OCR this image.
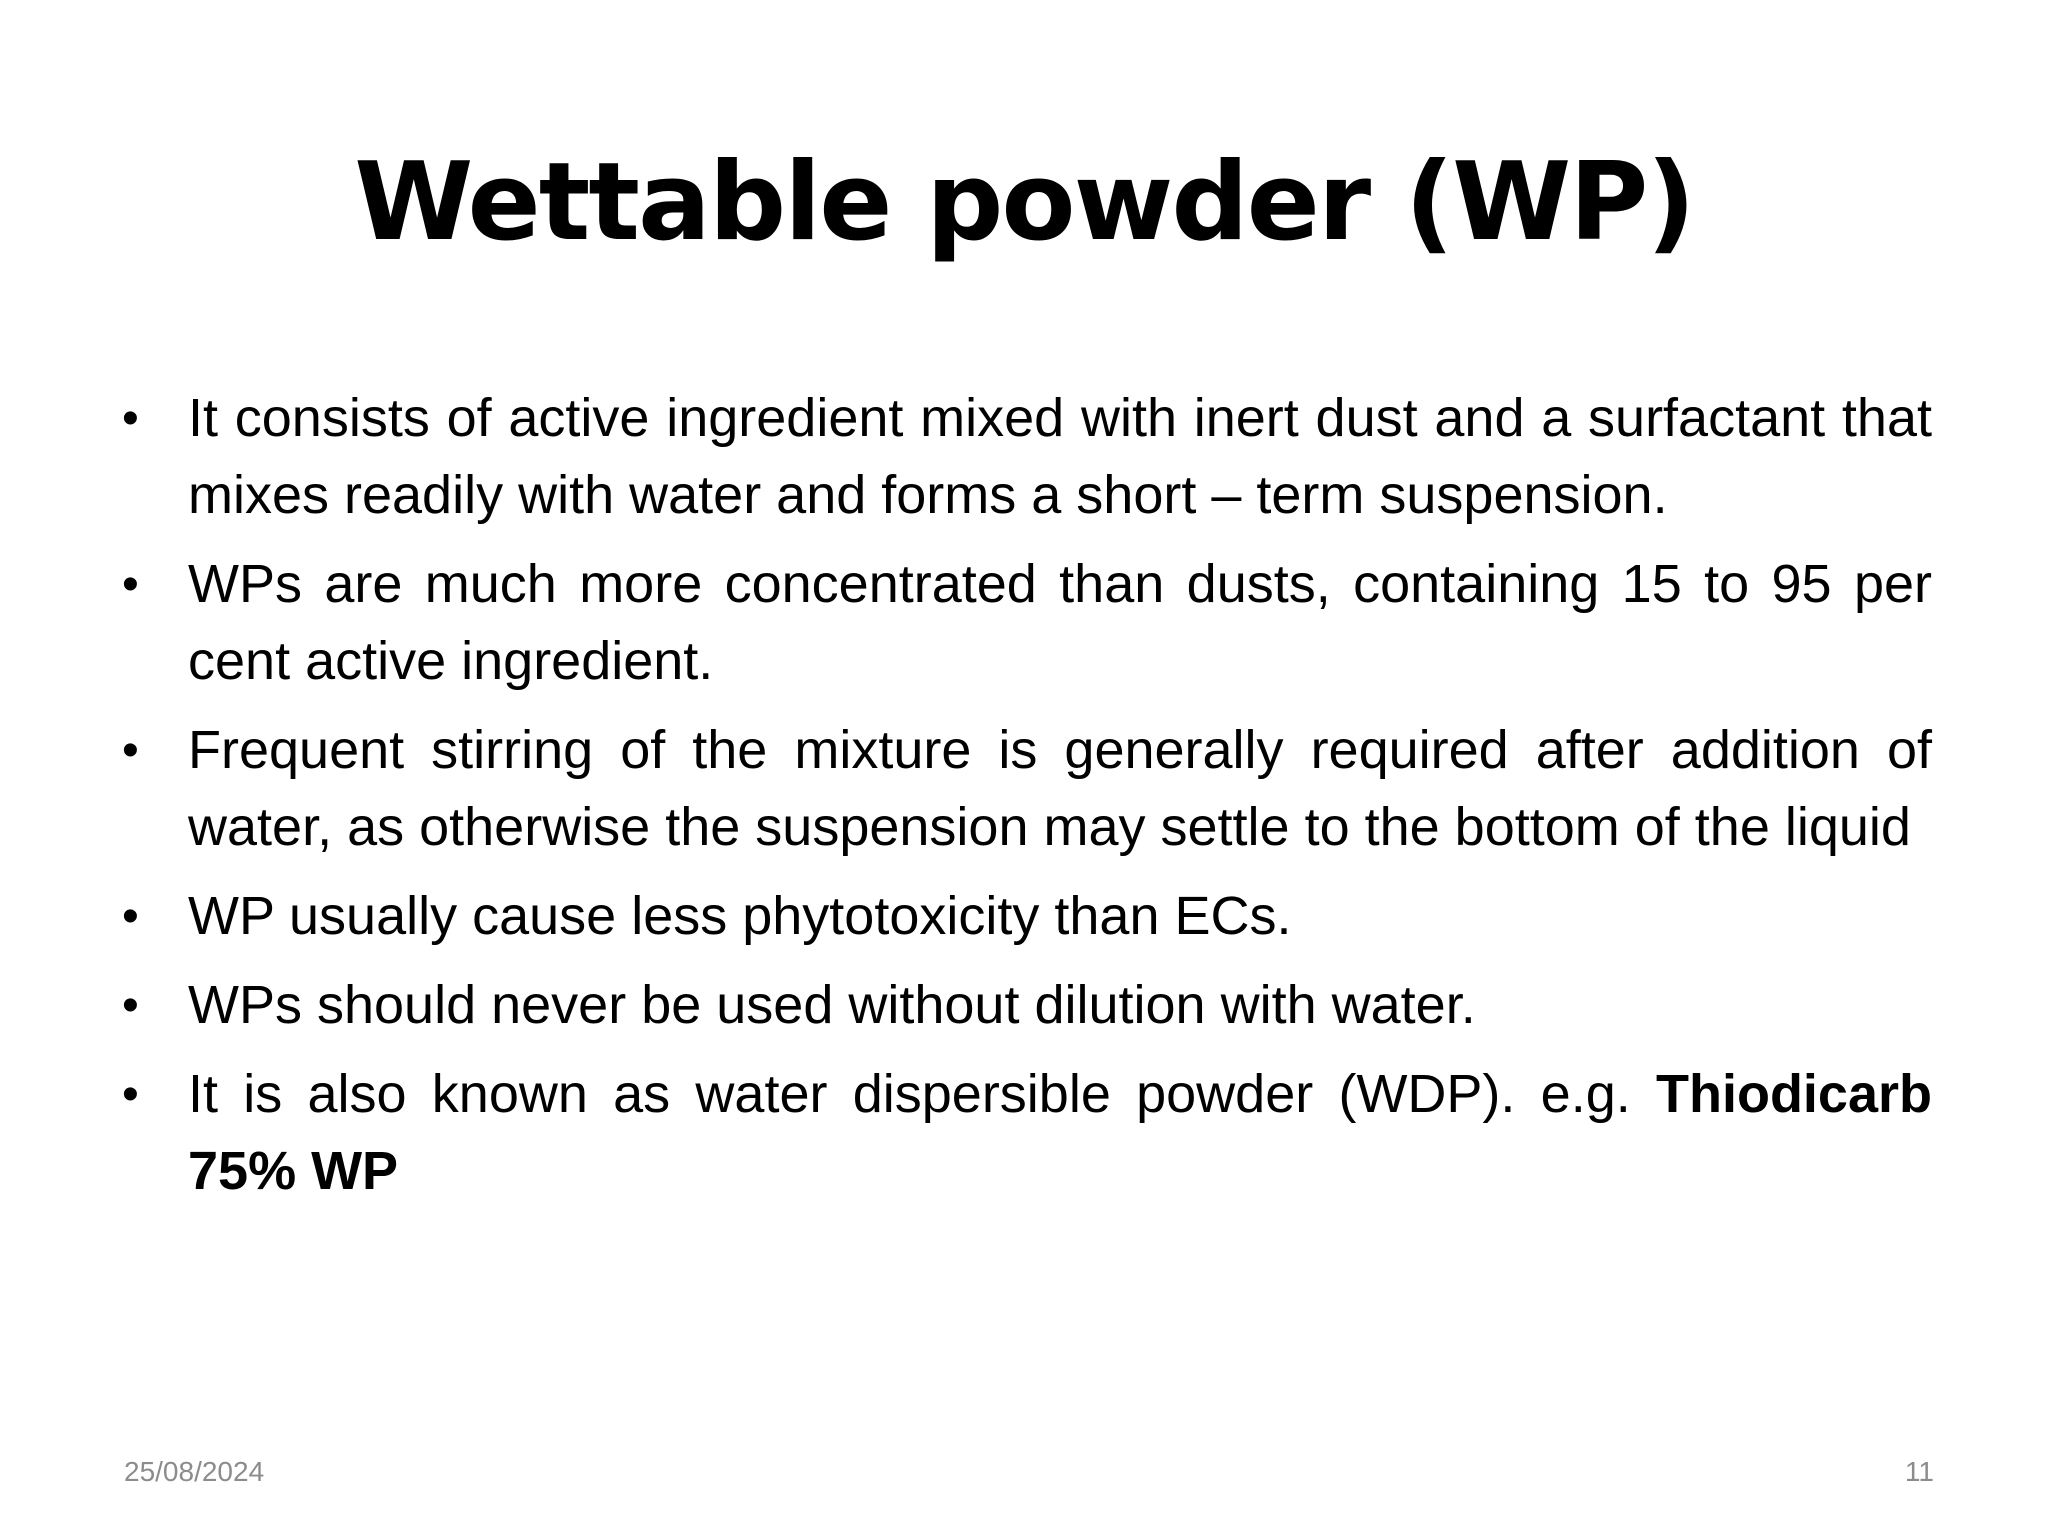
Wettable powder (WP)
• It consists of active ingredient mixed with inert dust and a surfactant that mixes readily with water and forms a short – term suspension.
• WPs are much more concentrated than dusts, containing 15 to 95 per cent active ingredient.
• Frequent stirring of the mixture is generally required after addition of water, as otherwise the suspension may settle to the bottom of the liquid
• WP usually cause less phytotoxicity than ECs.
• WPs should never be used without dilution with water.
• It is also known as water dispersible powder (WDP). e.g. Thiodicarb 75% WP
25/08/2024	11
